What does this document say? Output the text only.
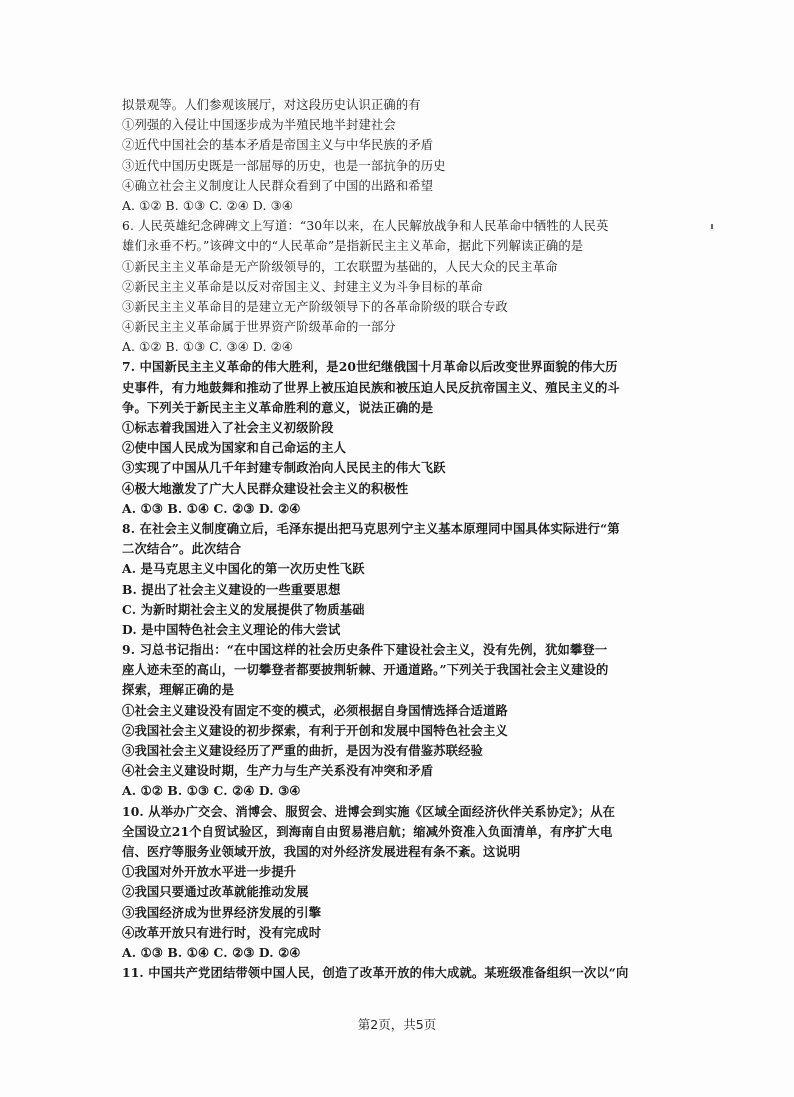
拟景观等。人们参观该展厅，对这段历史认识正确的有
①列强的入侵让中国逐步成为半殖民地半封建社会
②近代中国社会的基本矛盾是帝国主义与中华民族的矛盾
③近代中国历史既是一部屈辱的历史，也是一部抗争的历史
④确立社会主义制度让人民群众看到了中国的出路和希望
A. ①② B. ①③ C. ②④ D. ③④
6. 人民英雄纪念碑碑文上写道：“30年以来，在人民解放战争和人民革命中牺牲的人民英
雄们永垂不朽。”该碑文中的“人民革命”是指新民主主义革命，据此下列解读正确的是
①新民主主义革命是无产阶级领导的，工农联盟为基础的，人民大众的民主革命
②新民主主义革命是以反对帝国主义、封建主义为斗争目标的革命
③新民主主义革命目的是建立无产阶级领导下的各革命阶级的联合专政
④新民主主义革命属于世界资产阶级革命的一部分
A. ①② B. ①③ C. ③④ D. ②④
7. 中国新民主主义革命的伟大胜利，是20世纪继俄国十月革命以后改变世界面貌的伟大历
史事件，有力地鼓舞和推动了世界上被压迫民族和被压迫人民反抗帝国主义、殖民主义的斗
争。下列关于新民主主义革命胜利的意义，说法正确的是
①标志着我国进入了社会主义初级阶段
②使中国人民成为国家和自己命运的主人
③实现了中国从几千年封建专制政治向人民民主的伟大飞跃
④极大地激发了广大人民群众建设社会主义的积极性
A. ①③ B. ①④ C. ②③ D. ②④
8. 在社会主义制度确立后，毛泽东提出把马克思列宁主义基本原理同中国具体实际进行“第
二次结合”。此次结合
A. 是马克思主义中国化的第一次历史性飞跃
B. 提出了社会主义建设的一些重要思想
C. 为新时期社会主义的发展提供了物质基础
D. 是中国特色社会主义理论的伟大尝试
9. 习总书记指出：“在中国这样的社会历史条件下建设社会主义，没有先例，犹如攀登一
座人迹未至的高山，一切攀登者都要披荆斩棘、开通道路。”下列关于我国社会主义建设的
探索，理解正确的是
①社会主义建设没有固定不变的模式，必须根据自身国情选择合适道路
②我国社会主义建设的初步探索，有利于开创和发展中国特色社会主义
③我国社会主义建设经历了严重的曲折，是因为没有借鉴苏联经验
④社会主义建设时期，生产力与生产关系没有冲突和矛盾
A. ①② B. ①③ C. ②④ D. ③④
10. 从举办广交会、消博会、服贸会、进博会到实施《区域全面经济伙伴关系协定》；从在
全国设立21个自贸试验区，到海南自由贸易港启航；缩减外资准入负面清单，有序扩大电
信、医疗等服务业领域开放，我国的对外经济发展进程有条不紊。这说明
①我国对外开放水平进一步提升
②我国只要通过改革就能推动发展
③我国经济成为世界经济发展的引擎
④改革开放只有进行时，没有完成时
A. ①③ B. ①④ C. ②③ D. ②④
11. 中国共产党团结带领中国人民，创造了改革开放的伟大成就。某班级准备组织一次以“向
第2页，共5页
